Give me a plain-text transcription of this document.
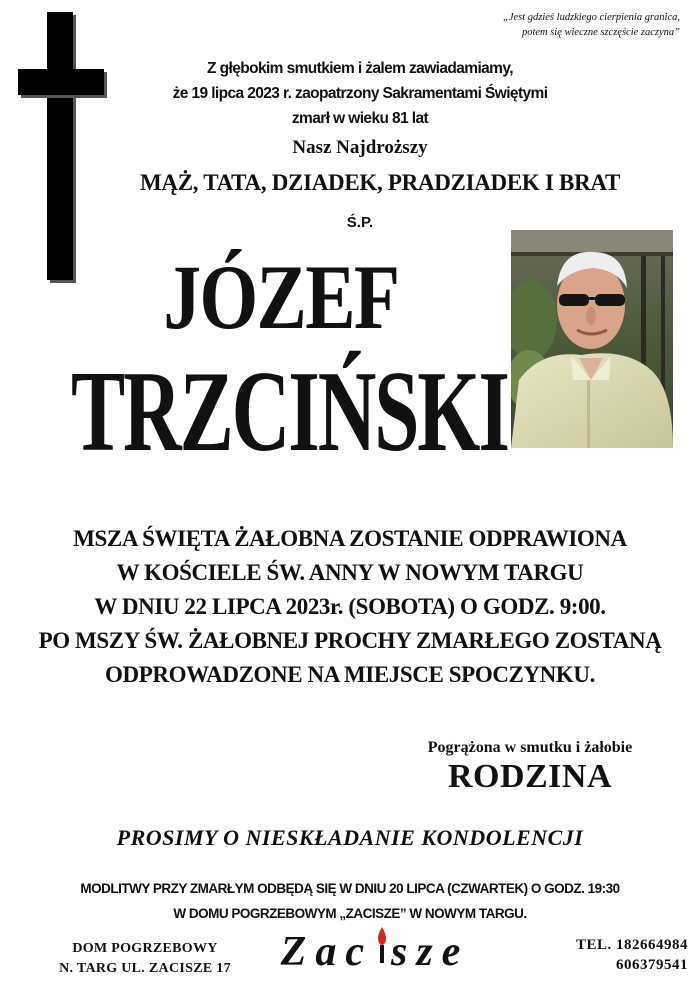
„Jest gdzieś ludzkiego cierpienia granica,
potem się wieczne szczęście zaczyna”
Z głębokim smutkiem i żalem zawiadamiamy,
że 19 lipca 2023 r. zaopatrzony Sakramentami Świętymi
zmarł w wieku 81 lat
Nasz Najdroższy
MĄŻ, TATA, DZIADEK, PRADZIADEK I BRAT
Ś.P.
JÓZEF
TRZCIŃSKI
MSZA ŚWIĘTA ŻAŁOBNA ZOSTANIE ODPRAWIONA
W KOŚCIELE ŚW. ANNY W NOWYM TARGU
W DNIU 22 LIPCA 2023r. (SOBOTA) O GODZ. 9:00.
PO MSZY ŚW. ŻAŁOBNEJ PROCHY ZMARŁEGO ZOSTANĄ
ODPROWADZONE NA MIEJSCE SPOCZYNKU.
Pogrążona w smutku i żałobie
RODZINA
PROSIMY O NIESKŁADANIE KONDOLENCJI
MODLITWY PRZY ZMARŁYM ODBĘDĄ SIĘ W DNIU 20 LIPCA (CZWARTEK) O GODZ. 19:30
W DOMU POGRZEBOWYM „ZACISZE” W NOWYM TARGU.
DOM POGRZEBOWY
N. TARG UL. ZACISZE 17	Zac sze	TEL. 182664984
606379541
